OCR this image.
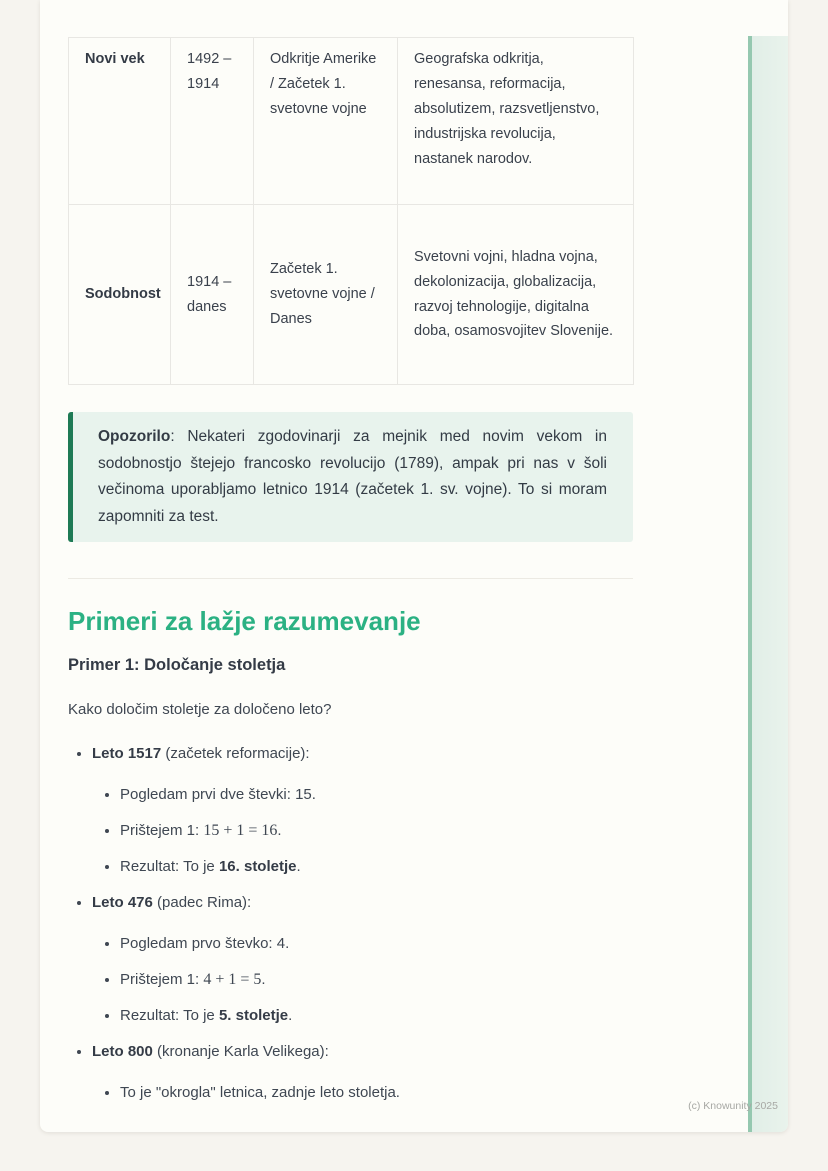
Novi vek	1492 – 1914	Odkritje Amerike / Začetek 1. svetovne vojne	Geografska odkritja, renesansa, reformacija, absolutizem, razsvetljenstvo, industrijska revolucija, nastanek narodov.
Sodobnost	1914 – danes	Začetek 1. svetovne vojne / Danes	Svetovni vojni, hladna vojna, dekolonizacija, globalizacija, razvoj tehnologije, digitalna doba, osamosvojitev Slovenije.
Opozorilo: Nekateri zgodovinarji za mejnik med novim vekom in sodobnostjo štejejo francosko revolucijo (1789), ampak pri nas v šoli večinoma uporabljamo letnico 1914 (začetek 1. sv. vojne). To si moram zapomniti za test.
Primeri za lažje razumevanje
Primer 1: Določanje stoletja

Kako določim stoletje za določeno leto?

• Leto 1517 (začetek reformacije):
• Pogledam prvi dve števki: 15.
• Prištejem 1: 15 + 1 = 16.
• Rezultat: To je 16. stoletje.
• Leto 476 (padec Rima):
• Pogledam prvo števko: 4.
• Prištejem 1: 4 + 1 = 5.
• Rezultat: To je 5. stoletje.
• Leto 800 (kronanje Karla Velikega):
• To je "okrogla" letnica, zadnje leto stoletja.
(c) Knowunity 2025
